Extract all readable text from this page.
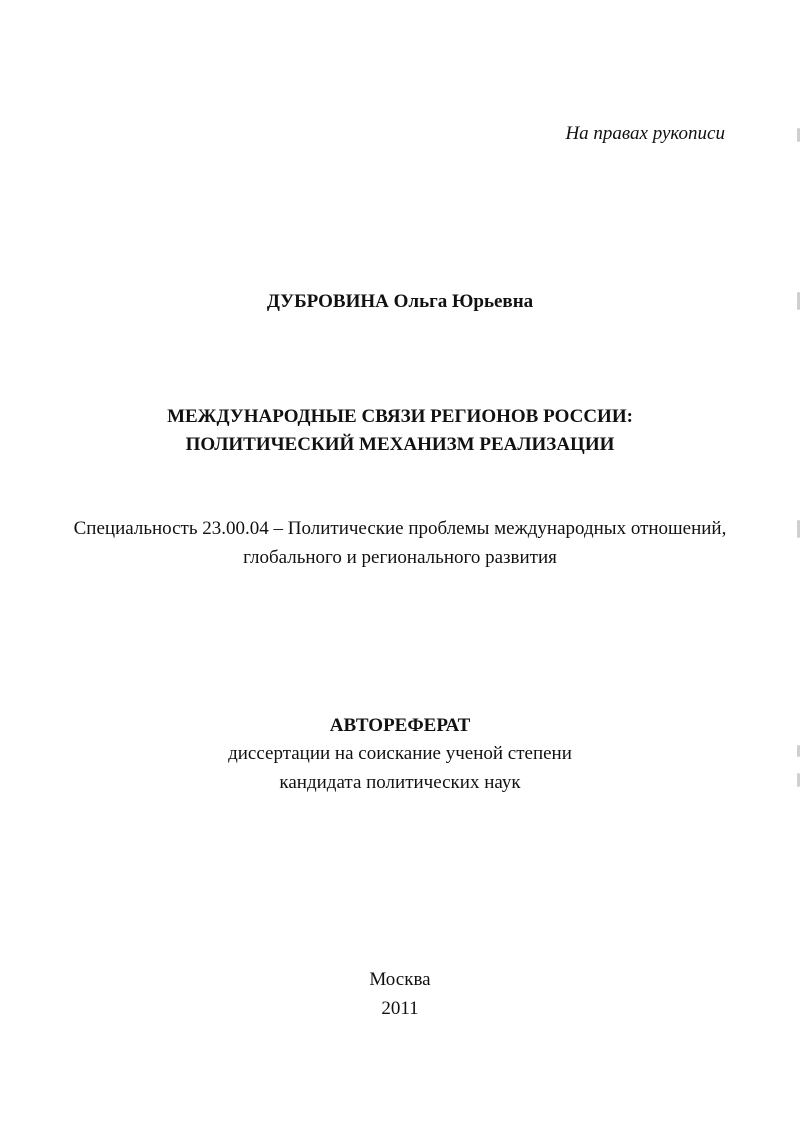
На правах рукописи
ДУБРОВИНА Ольга Юрьевна
МЕЖДУНАРОДНЫЕ СВЯЗИ РЕГИОНОВ РОССИИ:
ПОЛИТИЧЕСКИЙ МЕХАНИЗМ РЕАЛИЗАЦИИ
Специальность 23.00.04 – Политические проблемы международных отношений,
глобального и регионального развития
АВТОРЕФЕРАТ
диссертации на соискание ученой степени
кандидата политических наук
Москва
2011
